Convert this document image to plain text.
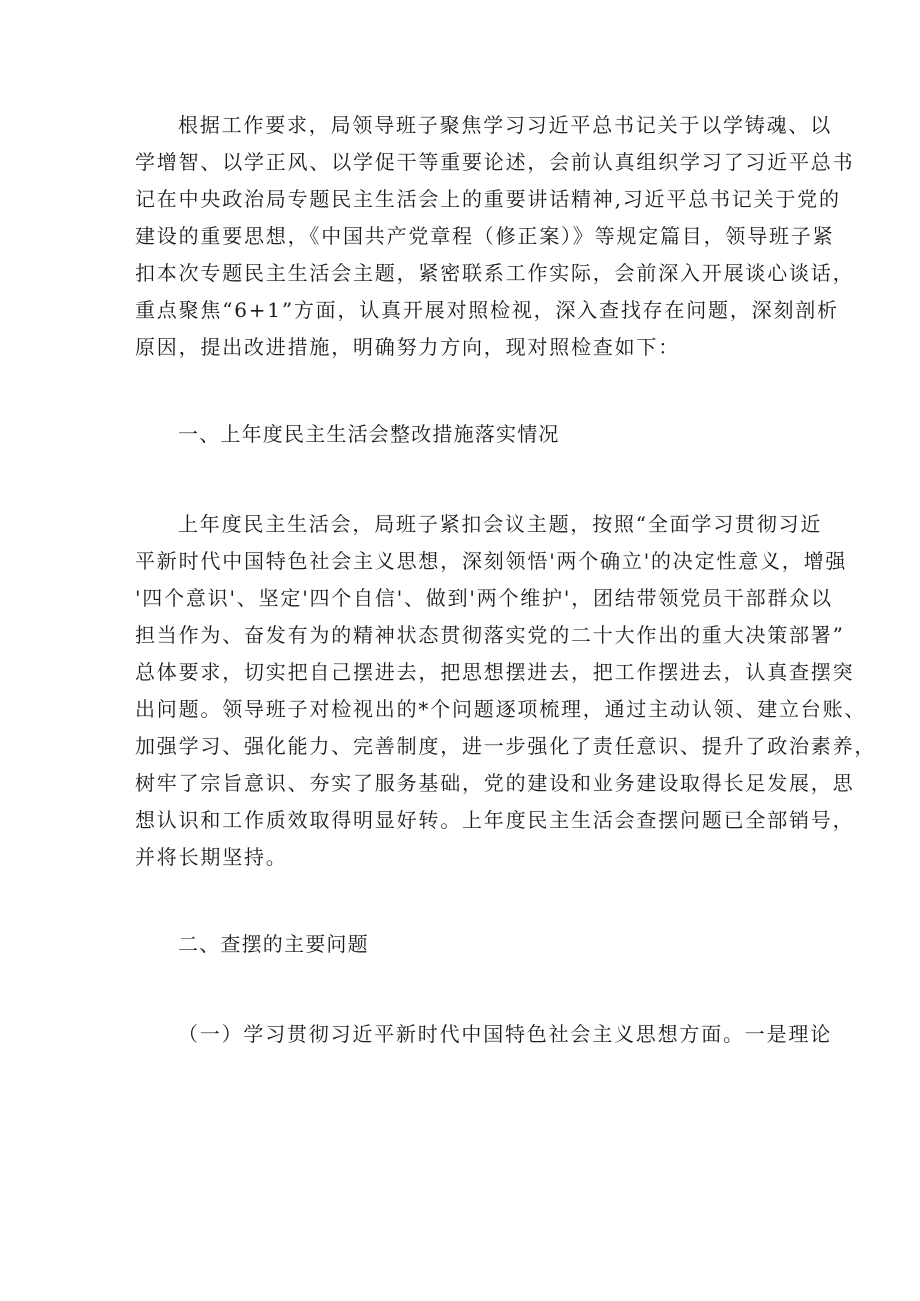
根据工作要求，局领导班子聚焦学习习近平总书记关于以学铸魂、以

学增智、以学正风、以学促干等重要论述，会前认真组织学习了习近平总书

记在中央政治局专题民主生活会上的重要讲话精神,习近平总书记关于党的

建设的重要思想，《中国共产党章程（修正案）》等规定篇目，领导班子紧

扣本次专题民主生活会主题，紧密联系工作实际，会前深入开展谈心谈话，

重点聚焦“6+1”方面，认真开展对照检视，深入查找存在问题，深刻剖析

原因，提出改进措施，明确努力方向，现对照检查如下：

一、上年度民主生活会整改措施落实情况

上年度民主生活会，局班子紧扣会议主题，按照“全面学习贯彻习近

平新时代中国特色社会主义思想，深刻领悟'两个确立'的决定性意义，增强

'四个意识'、坚定'四个自信'、做到'两个维护'，团结带领党员干部群众以

担当作为、奋发有为的精神状态贯彻落实党的二十大作出的重大决策部署”

总体要求，切实把自己摆进去，把思想摆进去，把工作摆进去，认真查摆突

出问题。领导班子对检视出的*个问题逐项梳理，通过主动认领、建立台账、

加强学习、强化能力、完善制度，进一步强化了责任意识、提升了政治素养，

树牢了宗旨意识、夯实了服务基础，党的建设和业务建设取得长足发展，思

想认识和工作质效取得明显好转。上年度民主生活会查摆问题已全部销号，

并将长期坚持。

二、查摆的主要问题

（一）学习贯彻习近平新时代中国特色社会主义思想方面。一是理论
